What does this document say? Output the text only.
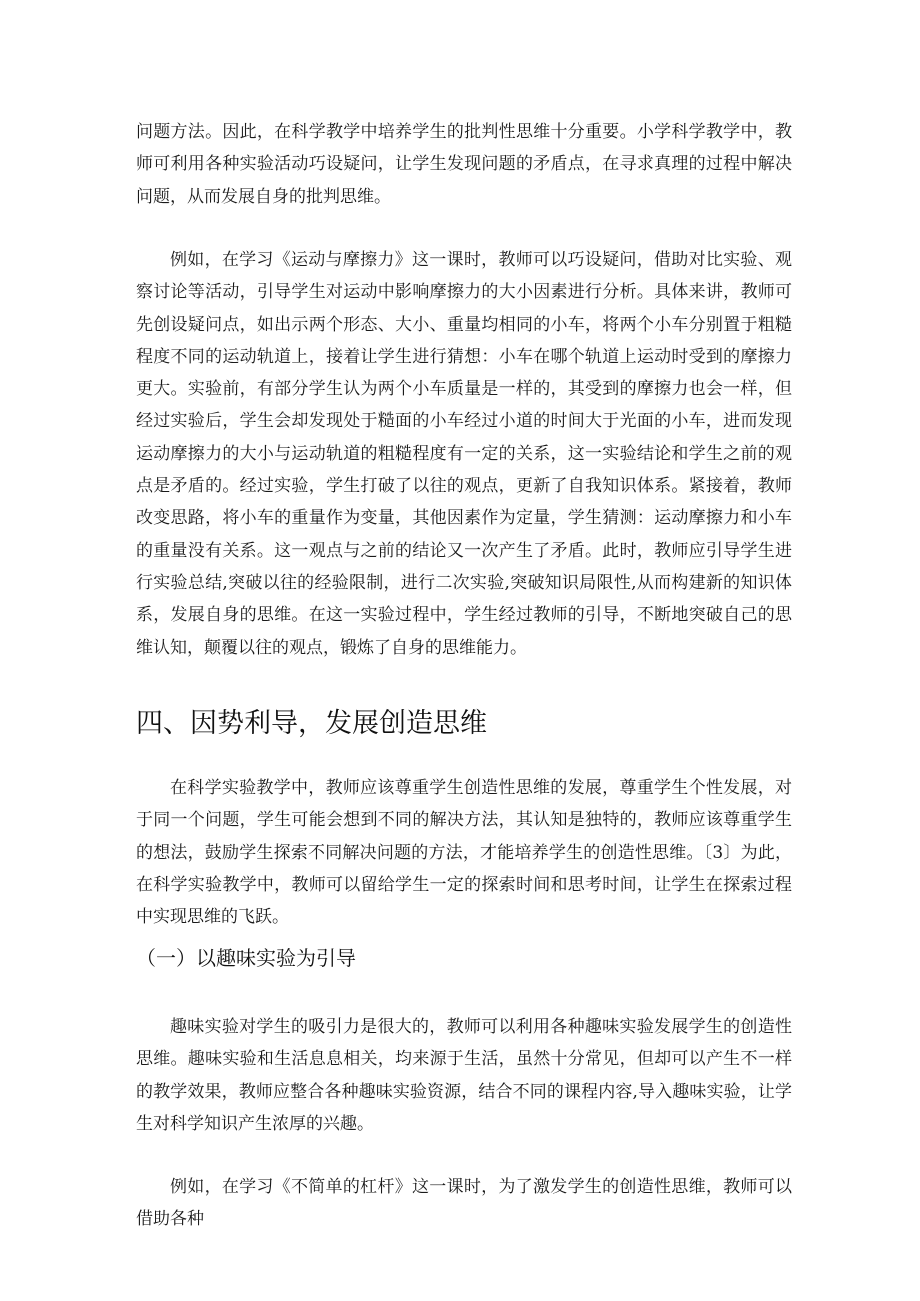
问题方法。因此，在科学教学中培养学生的批判性思维十分重要。小学科学教学中，教师可利用各种实验活动巧设疑问，让学生发现问题的矛盾点，在寻求真理的过程中解决问题，从而发展自身的批判思维。

例如，在学习《运动与摩擦力》这一课时，教师可以巧设疑问，借助对比实验、观察讨论等活动，引导学生对运动中影响摩擦力的大小因素进行分析。具体来讲，教师可先创设疑问点，如出示两个形态、大小、重量均相同的小车，将两个小车分别置于粗糙程度不同的运动轨道上，接着让学生进行猜想：小车在哪个轨道上运动时受到的摩擦力更大。实验前，有部分学生认为两个小车质量是一样的，其受到的摩擦力也会一样，但经过实验后，学生会却发现处于糙面的小车经过小道的时间大于光面的小车，进而发现运动摩擦力的大小与运动轨道的粗糙程度有一定的关系，这一实验结论和学生之前的观点是矛盾的。经过实验，学生打破了以往的观点，更新了自我知识体系。紧接着，教师改变思路，将小车的重量作为变量，其他因素作为定量，学生猜测：运动摩擦力和小车的重量没有关系。这一观点与之前的结论又一次产生了矛盾。此时，教师应引导学生进行实验总结,突破以往的经验限制，进行二次实验,突破知识局限性,从而构建新的知识体系，发展自身的思维。在这一实验过程中，学生经过教师的引导，不断地突破自己的思维认知，颠覆以往的观点，锻炼了自身的思维能力。

四、因势利导，发展创造思维

在科学实验教学中，教师应该尊重学生创造性思维的发展，尊重学生个性发展，对于同一个问题，学生可能会想到不同的解决方法，其认知是独特的，教师应该尊重学生的想法，鼓励学生探索不同解决问题的方法，才能培养学生的创造性思维。〔3〕为此，在科学实验教学中，教师可以留给学生一定的探索时间和思考时间，让学生在探索过程中实现思维的飞跃。

（一）以趣味实验为引导

趣味实验对学生的吸引力是很大的，教师可以利用各种趣味实验发展学生的创造性思维。趣味实验和生活息息相关，均来源于生活，虽然十分常见，但却可以产生不一样的教学效果，教师应整合各种趣味实验资源，结合不同的课程内容,导入趣味实验，让学生对科学知识产生浓厚的兴趣。

例如，在学习《不简单的杠杆》这一课时，为了激发学生的创造性思维，教师可以借助各种
